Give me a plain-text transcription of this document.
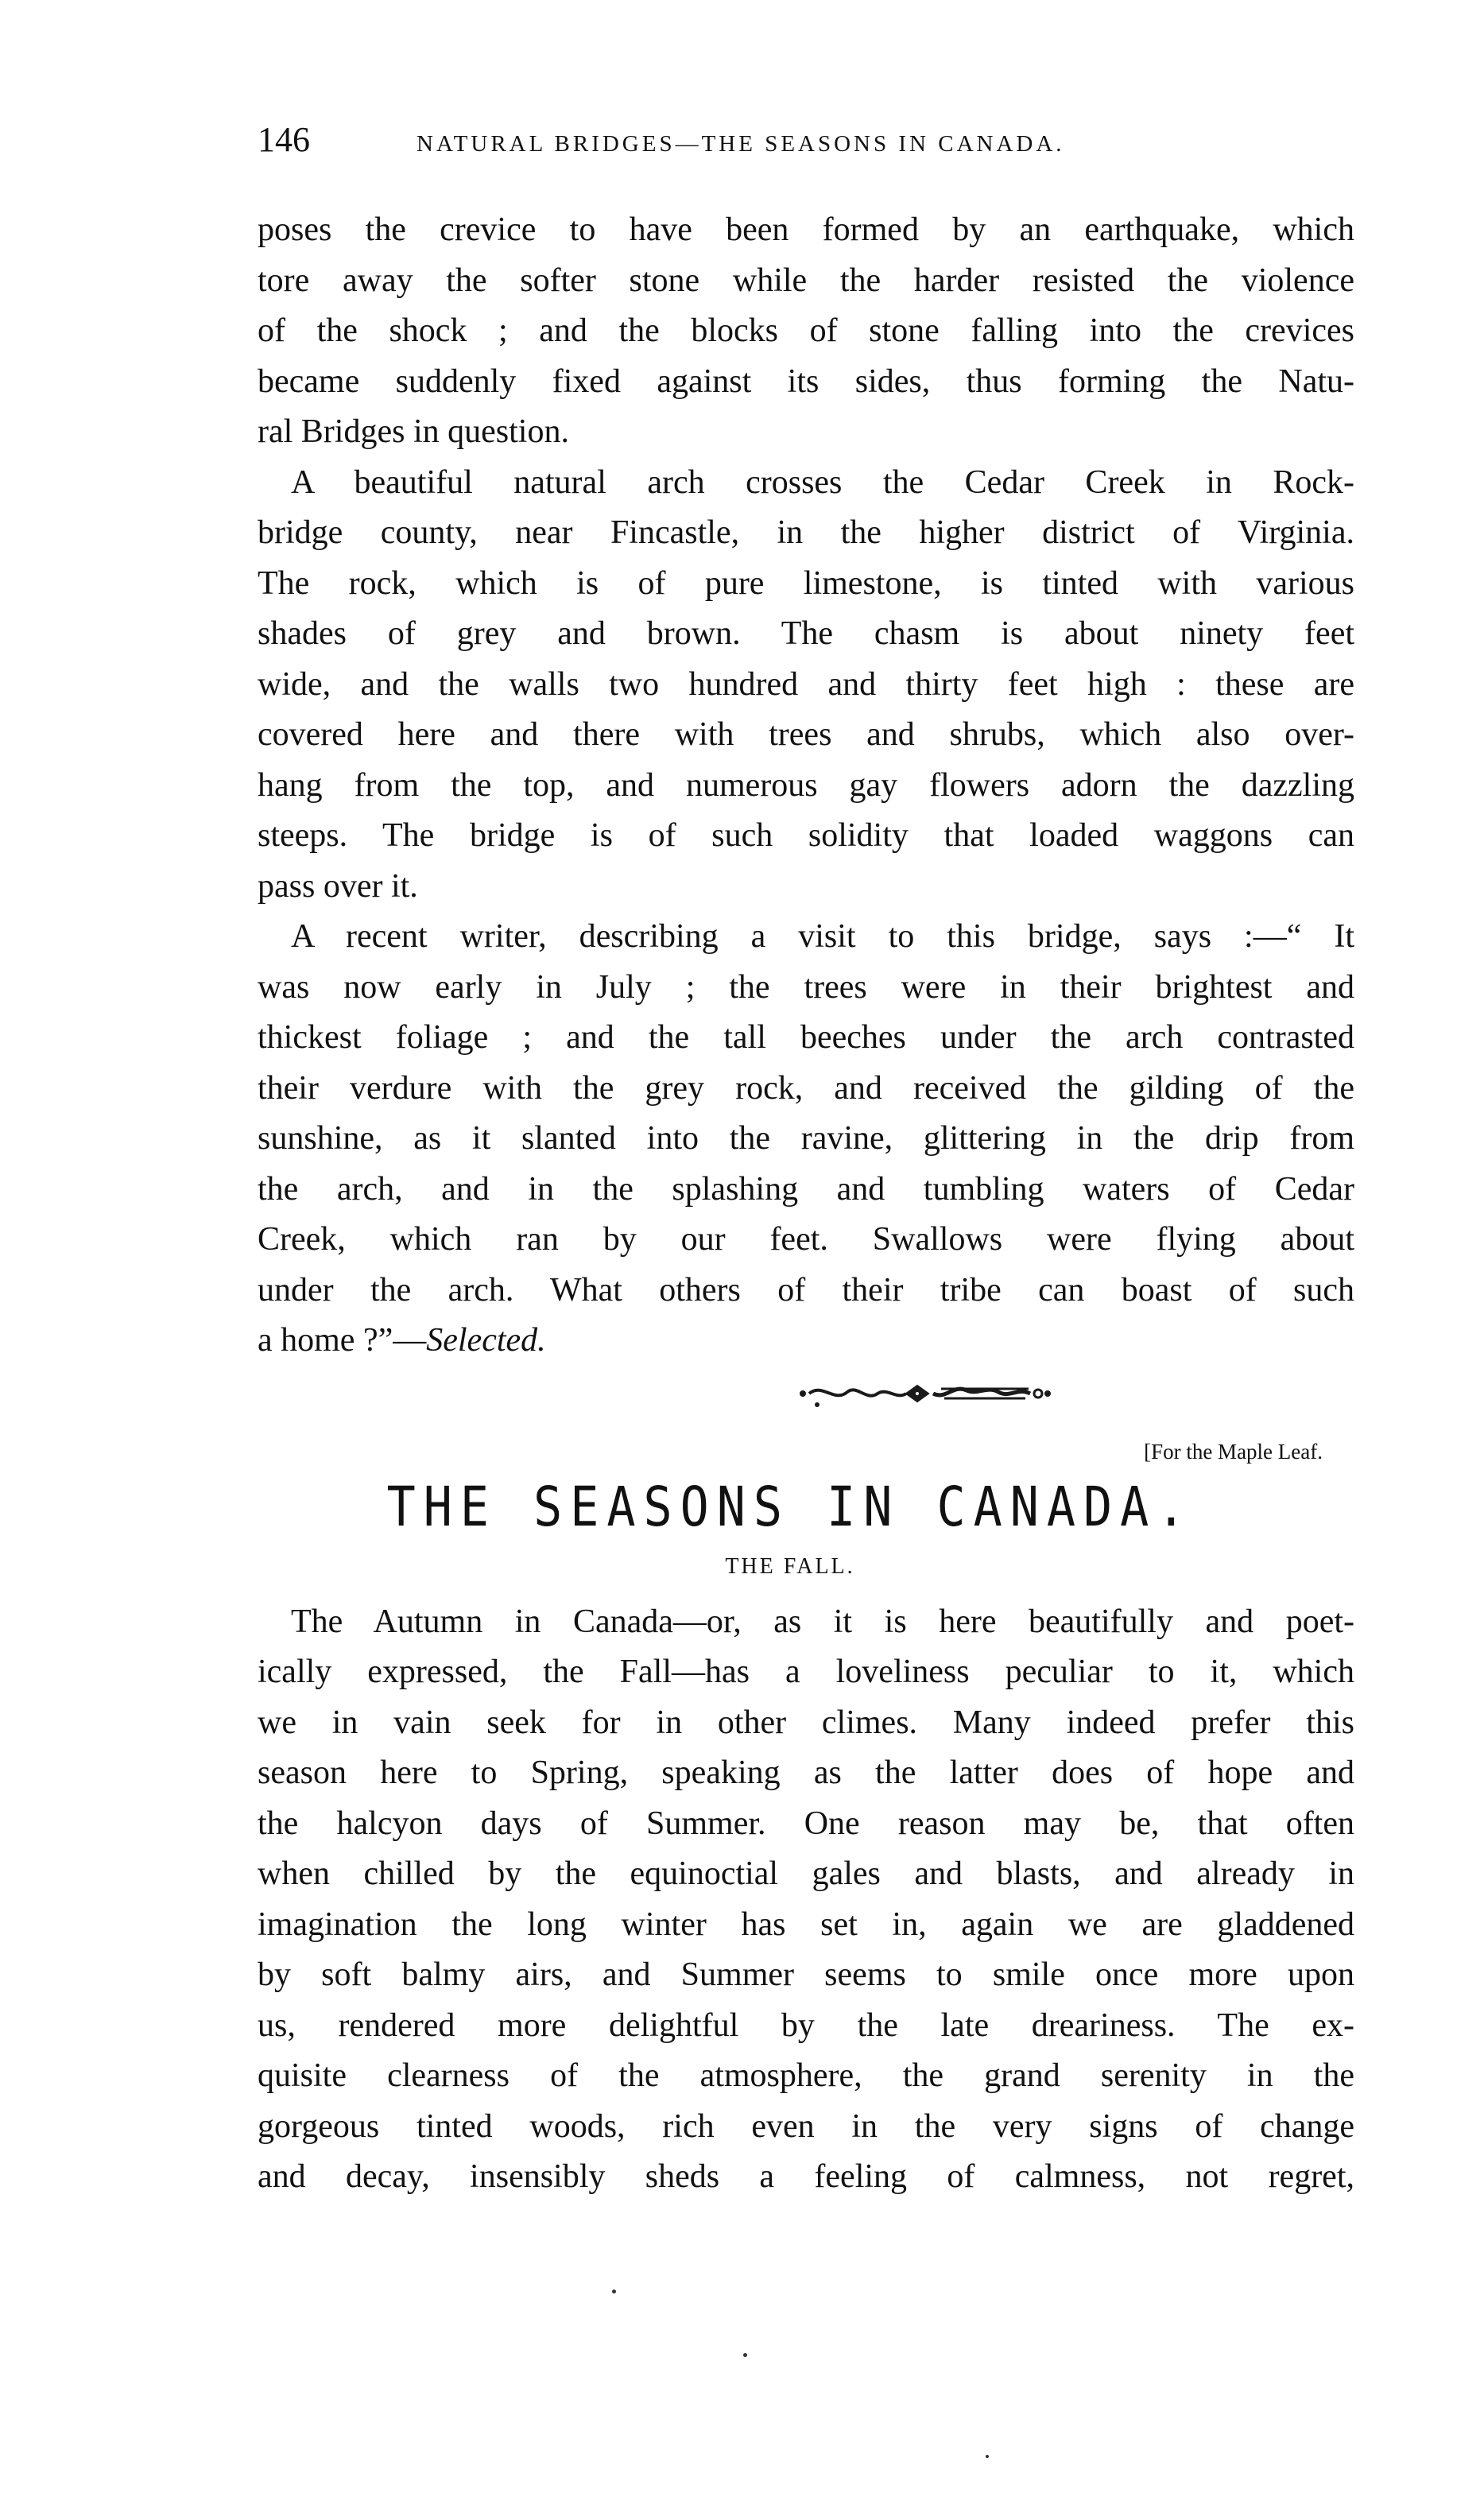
146	NATURAL BRIDGES—THE SEASONS IN CANADA.

poses the crevice to have been formed by an earthquake, which
tore away the softer stone while the harder resisted the violence
of the shock ; and the blocks of stone falling into the crevices
became suddenly fixed against its sides, thus forming the Natu-
ral Bridges in question.

A beautiful natural arch crosses the Cedar Creek in Rock-
bridge county, near Fincastle, in the higher district of Virginia.
The rock, which is of pure limestone, is tinted with various
shades of grey and brown. The chasm is about ninety feet
wide, and the walls two hundred and thirty feet high : these are
covered here and there with trees and shrubs, which also over-
hang from the top, and numerous gay flowers adorn the dazzling
steeps. The bridge is of such solidity that loaded waggons can
pass over it.

A recent writer, describing a visit to this bridge, says :—“ It
was now early in July ; the trees were in their brightest and
thickest foliage ; and the tall beeches under the arch contrasted
their verdure with the grey rock, and received the gilding of the
sunshine, as it slanted into the ravine, glittering in the drip from
the arch, and in the splashing and tumbling waters of Cedar
Creek, which ran by our feet. Swallows were flying about
under the arch. What others of their tribe can boast of such
a home ?”—Selected.

[For the Maple Leaf.
THE SEASONS IN CANADA.
THE FALL.

The Autumn in Canada—or, as it is here beautifully and poet-
ically expressed, the Fall—has a loveliness peculiar to it, which
we in vain seek for in other climes. Many indeed prefer this
season here to Spring, speaking as the latter does of hope and
the halcyon days of Summer. One reason may be, that often
when chilled by the equinoctial gales and blasts, and already in
imagination the long winter has set in, again we are gladdened
by soft balmy airs, and Summer seems to smile once more upon
us, rendered more delightful by the late dreariness. The ex-
quisite clearness of the atmosphere, the grand serenity in the
gorgeous tinted woods, rich even in the very signs of change
and decay, insensibly sheds a feeling of calmness, not regret,
